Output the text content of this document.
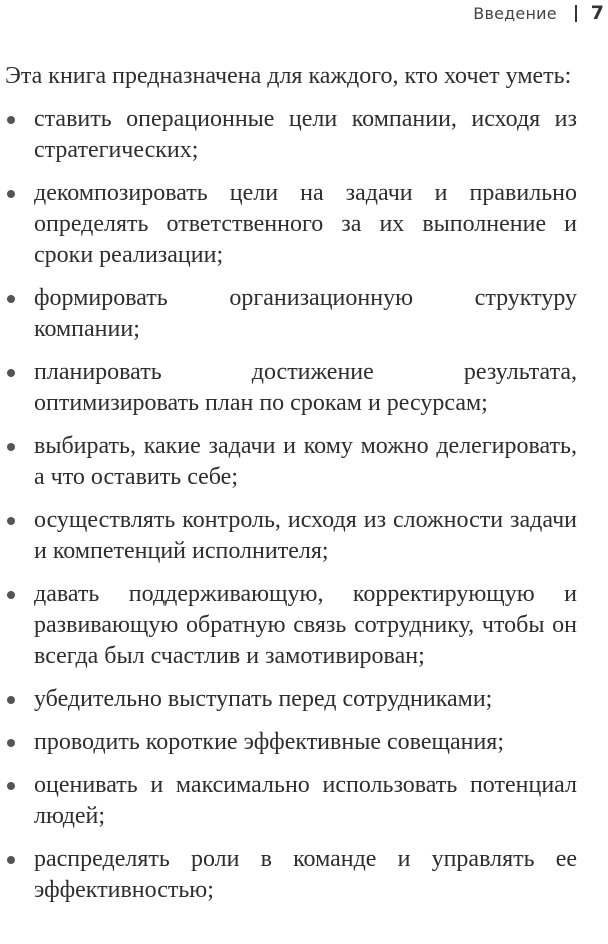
Введение 7

Эта книга предназначена для каждого, кто хочет уметь:

ставить операционные цели компании, исходя из стратегических;
декомпозировать цели на задачи и правильно определять ответственного за их выполнение и сроки реализации;
формировать организационную структуру компании;
планировать достижение результата, оптимизировать план по срокам и ресурсам;
выбирать, какие задачи и кому можно делегировать, а что оставить себе;
осуществлять контроль, исходя из сложности задачи и компетенций исполнителя;
давать поддерживающую, корректирующую и развивающую обратную связь сотруднику, чтобы он всегда был счастлив и замотивирован;
убедительно выступать перед сотрудниками;
проводить короткие эффективные совещания;
оценивать и максимально использовать потенциал людей;
распределять роли в команде и управлять ее эффективностью;
